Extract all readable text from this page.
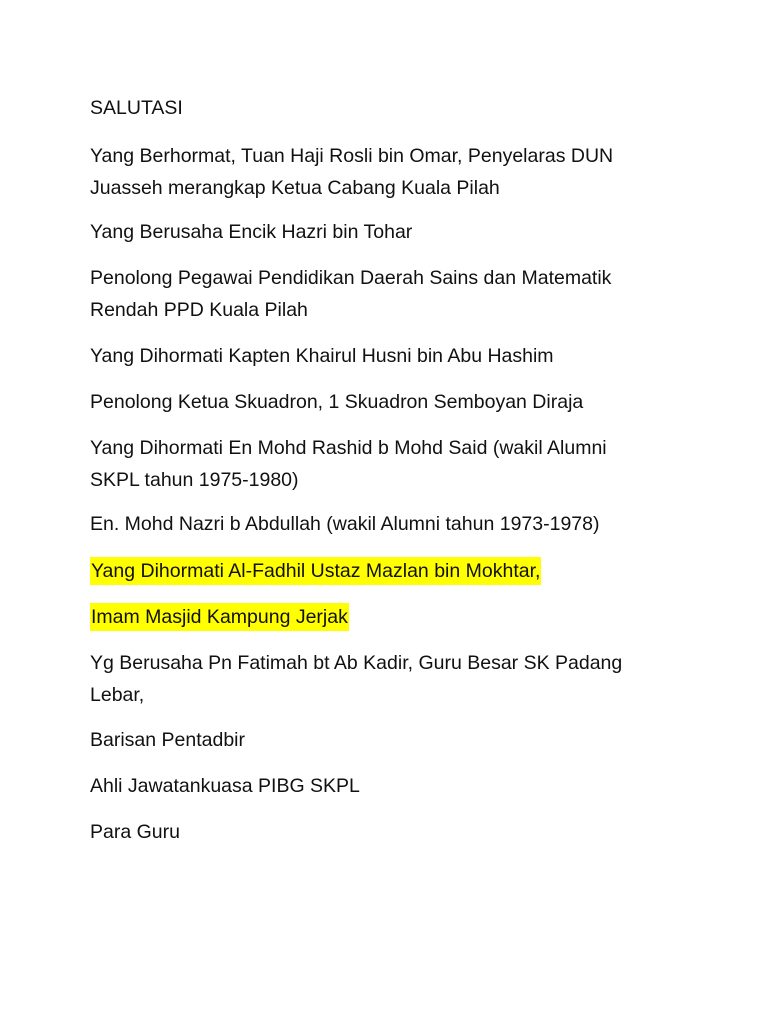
SALUTASI

Yang Berhormat, Tuan Haji Rosli bin Omar, Penyelaras DUN
Juasseh merangkap Ketua Cabang Kuala Pilah

Yang Berusaha Encik Hazri bin Tohar

Penolong Pegawai Pendidikan Daerah Sains dan Matematik
Rendah PPD Kuala Pilah

Yang Dihormati Kapten Khairul Husni bin Abu Hashim

Penolong Ketua Skuadron, 1 Skuadron Semboyan Diraja

Yang Dihormati En Mohd Rashid b Mohd Said (wakil Alumni
SKPL tahun 1975-1980)

En. Mohd Nazri b Abdullah (wakil Alumni tahun 1973-1978)

Yang Dihormati Al-Fadhil Ustaz Mazlan bin Mokhtar,

Imam Masjid Kampung Jerjak

Yg Berusaha Pn Fatimah bt Ab Kadir, Guru Besar SK Padang
Lebar,

Barisan Pentadbir

Ahli Jawatankuasa PIBG SKPL

Para Guru
